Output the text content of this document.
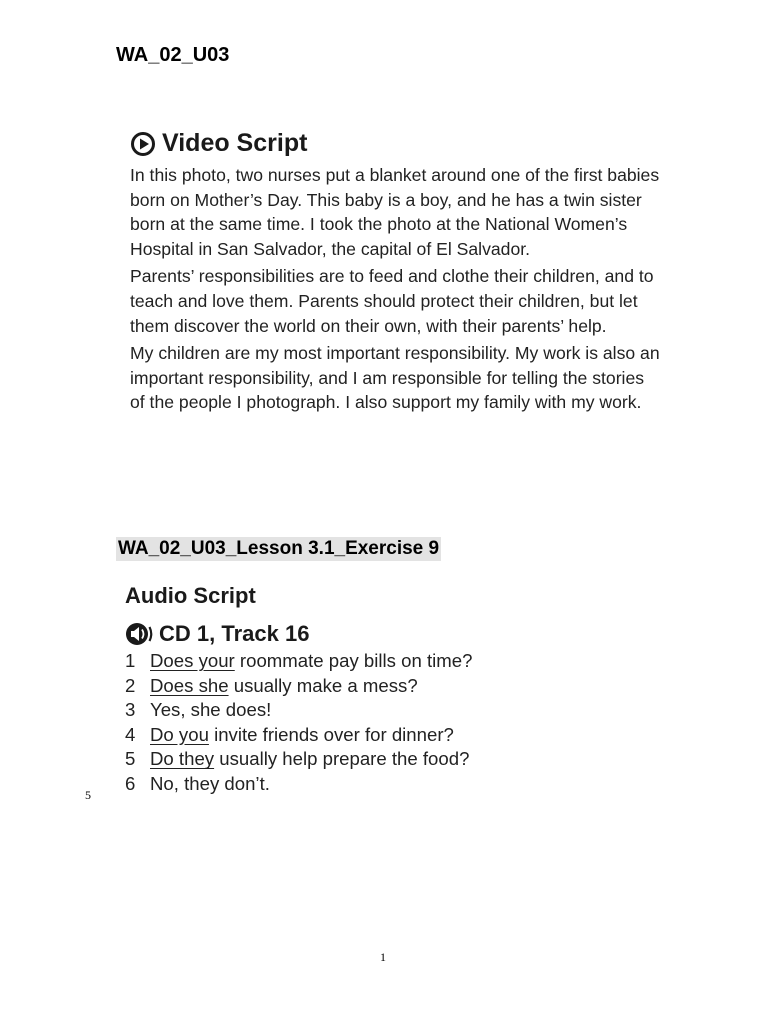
WA_02_U03
Video Script

In this photo, two nurses put a blanket around one of the first babies born on Mother’s Day. This baby is a boy, and he has a twin sister born at the same time. I took the photo at the National Women’s Hospital in San Salvador, the capital of El Salvador.

Parents’ responsibilities are to feed and clothe their children, and to teach and love them. Parents should protect their children, but let them discover the world on their own, with their parents’ help.

My children are my most important responsibility. My work is also an important responsibility, and I am responsible for telling the stories of the people I photograph. I also support my family with my work.

WA_02_U03_Lesson 3.1_Exercise 9
Audio Script
CD 1, Track 16
1 Does your roommate pay bills on time?
2 Does she usually make a mess?
3 Yes, she does!
4 Do you invite friends over for dinner?
5 Do they usually help prepare the food?
6 No, they don’t.
5
1
